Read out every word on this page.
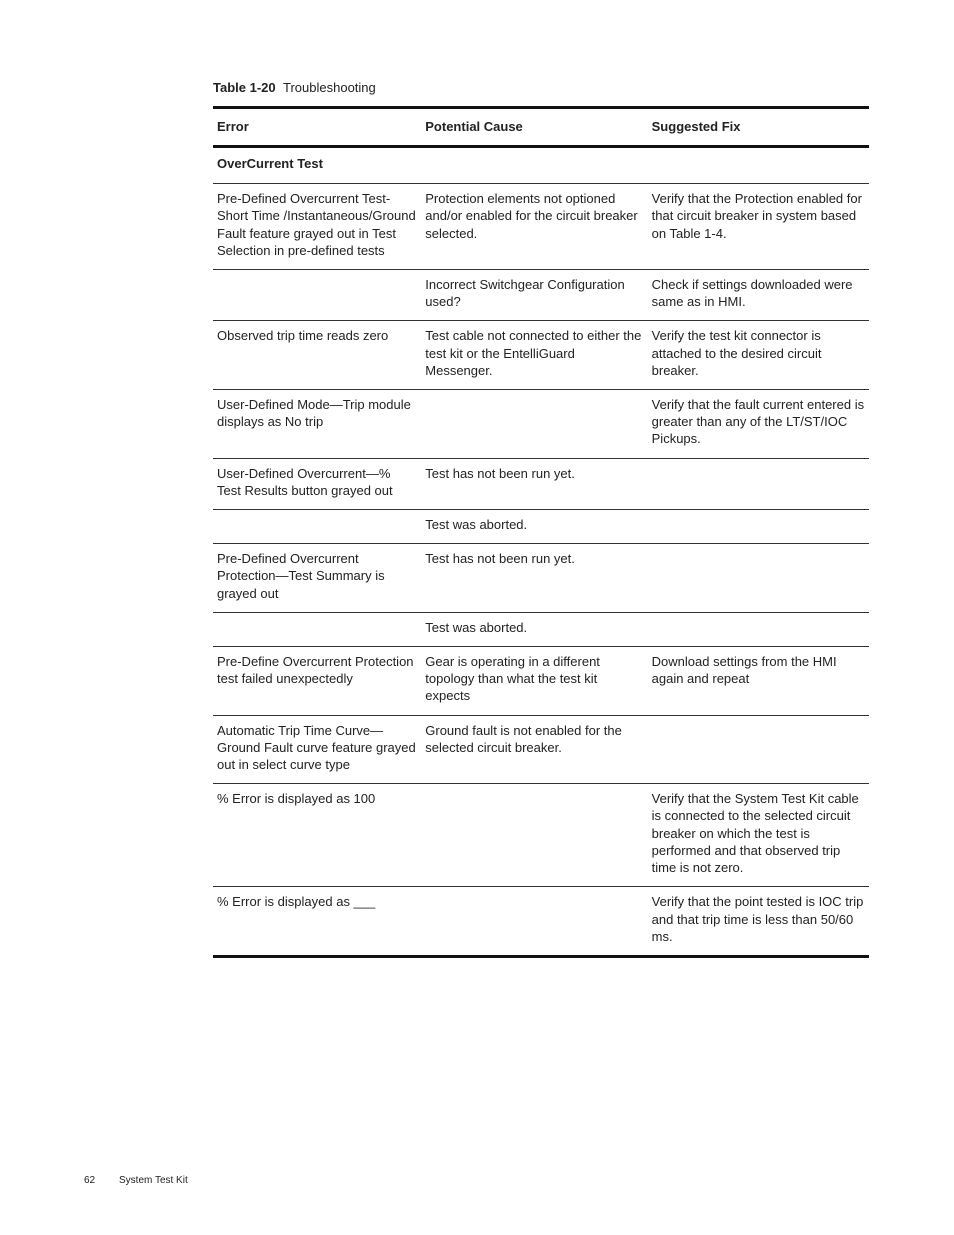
Table 1-20 Troubleshooting
Error	Potential Cause	Suggested Fix
OverCurrent Test		
Pre-Defined Overcurrent Test- Short Time /Instantaneous/Ground Fault feature grayed out in Test Selection in pre-defined tests	Protection elements not optioned and/or enabled for the circuit breaker selected.	Verify that the Protection enabled for that circuit breaker in system based on Table 1-4.
	Incorrect Switchgear Configuration used?	Check if settings downloaded were same as in HMI.
Observed trip time reads zero	Test cable not connected to either the test kit or the EntelliGuard Messenger.	Verify the test kit connector is attached to the desired circuit breaker.
User-Defined Mode—Trip module displays as No trip		Verify that the fault current entered is greater than any of the LT/ST/IOC Pickups.
User-Defined Overcurrent—% Test Results button grayed out	Test has not been run yet.	
	Test was aborted.	
Pre-Defined Overcurrent Protection—Test Summary is grayed out	Test has not been run yet.	
	Test was aborted.	
Pre-Define Overcurrent Protection test failed unexpectedly	Gear is operating in a different topology than what the test kit expects	Download settings from the HMI again and repeat
Automatic Trip Time Curve—Ground Fault curve feature grayed out in select curve type	Ground fault is not enabled for the selected circuit breaker.	
% Error is displayed as 100		Verify that the System Test Kit cable is connected to the selected circuit breaker on which the test is performed and that observed trip time is not zero.
% Error is displayed as ___		Verify that the point tested is IOC trip and that trip time is less than 50/60 ms.
62 System Test Kit
